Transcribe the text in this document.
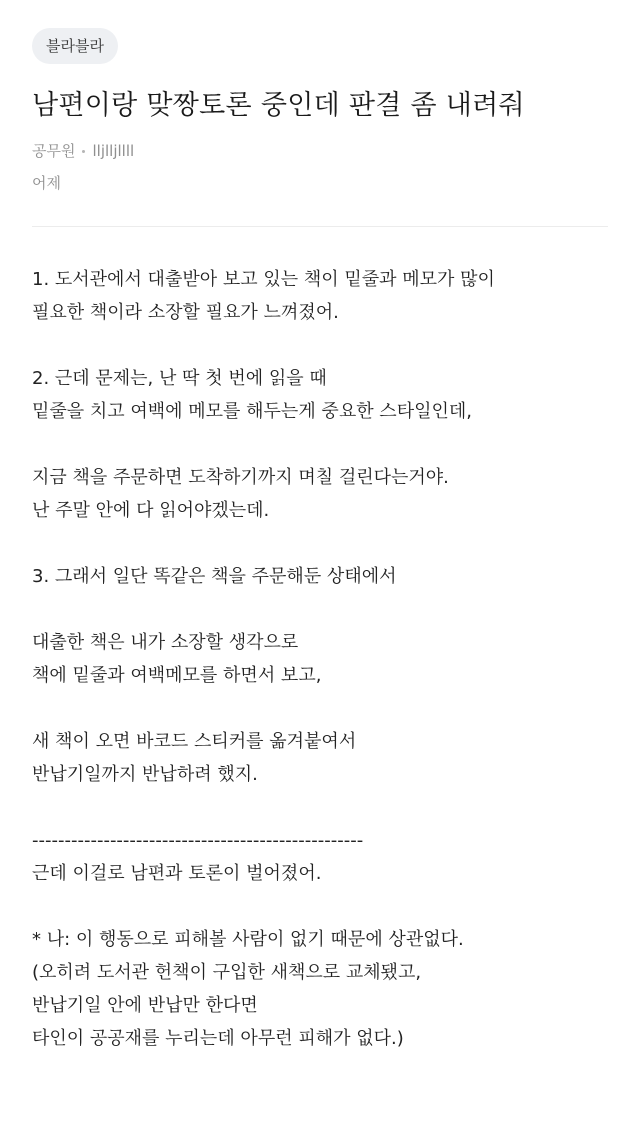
블라블라
남편이랑 맞짱토론 중인데 판결 좀 내려줘
공무원 lljlljllll
어제
1. 도서관에서 대출받아 보고 있는 책이 밑줄과 메모가 많이
필요한 책이라 소장할 필요가 느껴졌어.
2. 근데 문제는, 난 딱 첫 번에 읽을 때
밑줄을 치고 여백에 메모를 해두는게 중요한 스타일인데,
지금 책을 주문하면 도착하기까지 며칠 걸린다는거야.
난 주말 안에 다 읽어야겠는데.
3. 그래서 일단 똑같은 책을 주문해둔 상태에서
대출한 책은 내가 소장할 생각으로
책에 밑줄과 여백메모를 하면서 보고,
새 책이 오면 바코드 스티커를 옮겨붙여서
반납기일까지 반납하려 했지.
---------------------------------------------------
근데 이걸로 남편과 토론이 벌어졌어.
* 나: 이 행동으로 피해볼 사람이 없기 때문에 상관없다.
(오히려 도서관 헌책이 구입한 새책으로 교체됐고,
반납기일 안에 반납만 한다면
타인이 공공재를 누리는데 아무런 피해가 없다.)
